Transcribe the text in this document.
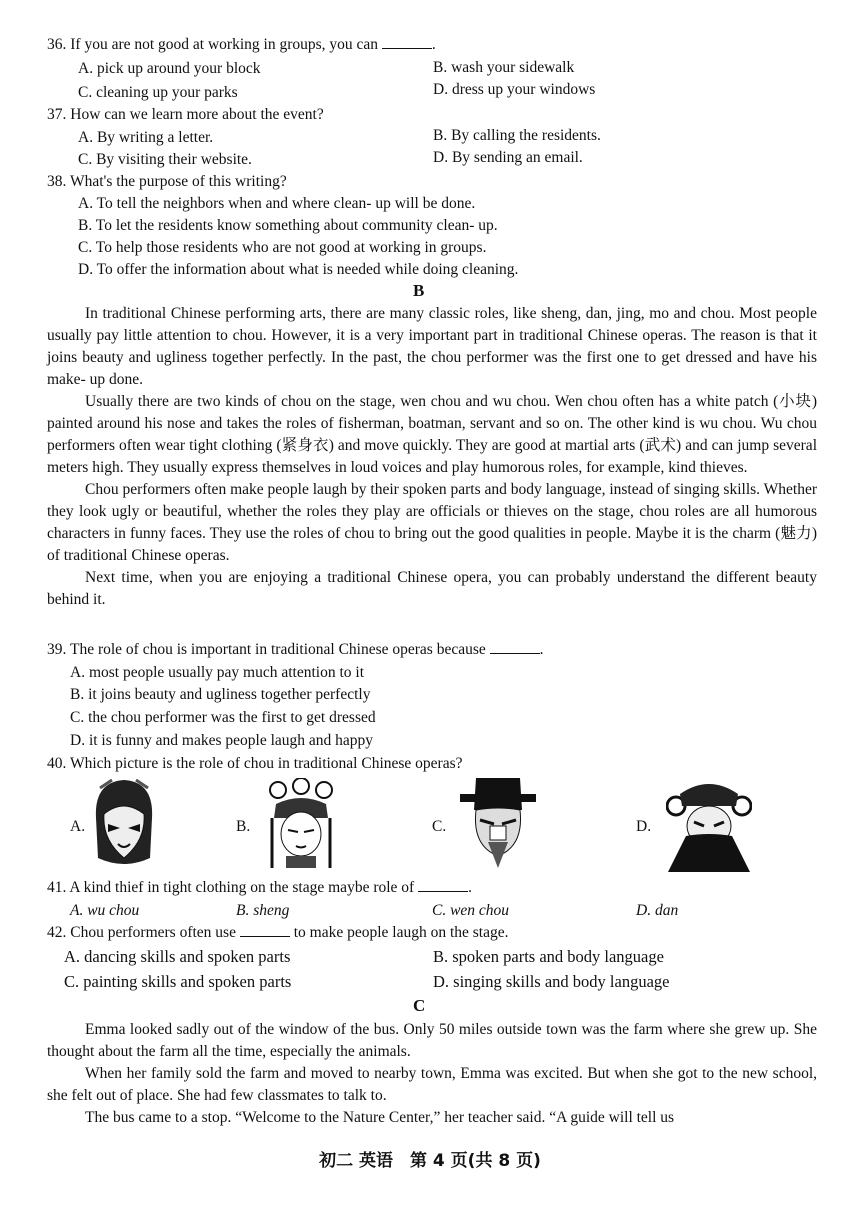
36. If you are not good at working in groups, you can	.
A. pick up around your block	B. wash your sidewalk
C. cleaning up your parks	D. dress up your windows
37. How can we learn more about the event?
A. By writing a letter.	B. By calling the residents.
C. By visiting their website.	D. By sending an email.
38. What's the purpose of this writing?
A. To tell the neighbors when and where clean- up will be done.
B. To let the residents know something about community clean- up.
C. To help those residents who are not good at working in groups.
D. To offer the information about what is needed while doing cleaning.
B

In traditional Chinese performing arts, there are many classic roles, like sheng, dan, jing, mo and chou. Most people usually pay little attention to chou. However, it is a very important part in traditional Chinese operas. The reason is that it joins beauty and ugliness together perfectly. In the past, the chou performer was the first one to get dressed and have his make- up done.

Usually there are two kinds of chou on the stage, wen chou and wu chou. Wen chou often has a white patch (小块) painted around his nose and takes the roles of fisherman, boatman, servant and so on. The other kind is wu chou. Wu chou performers often wear tight clothing (紧身衣) and move quickly. They are good at martial arts (武术) and can jump several meters high. They usually express themselves in loud voices and play humorous roles, for example, kind thieves.

Chou performers often make people laugh by their spoken parts and body language, instead of singing skills. Whether they look ugly or beautiful, whether the roles they play are officials or thieves on the stage, chou roles are all humorous characters in funny faces. They use the roles of chou to bring out the good qualities in people. Maybe it is the charm (魅力) of traditional Chinese operas.

Next time, when you are enjoying a traditional Chinese opera, you can probably understand the different beauty behind it.

39. The role of chou is important in traditional Chinese operas because	.
A. most people usually pay much attention to it
B. it joins beauty and ugliness together perfectly
C. the chou performer was the first to get dressed
D. it is funny and makes people laugh and happy
40. Which picture is the role of chou in traditional Chinese operas?
A.	B.	C.	D.
41. A kind thief in tight clothing on the stage maybe role of	.
A. wu chou	B. sheng	C. wen chou	D. dan
42. Chou performers often use	to make people laugh on the stage.
A. dancing skills and spoken parts	B. spoken parts and body language
C. painting skills and spoken parts	D. singing skills and body language
C

Emma looked sadly out of the window of the bus. Only 50 miles outside town was the farm where she grew up. She thought about the farm all the time, especially the animals.

When her family sold the farm and moved to nearby town, Emma was excited. But when she got to the new school, she felt out of place. She had few classmates to talk to.

The bus came to a stop. “Welcome to the Nature Center,” her teacher said. “A guide will tell us

初二 英语　第 4 页(共 8 页)
